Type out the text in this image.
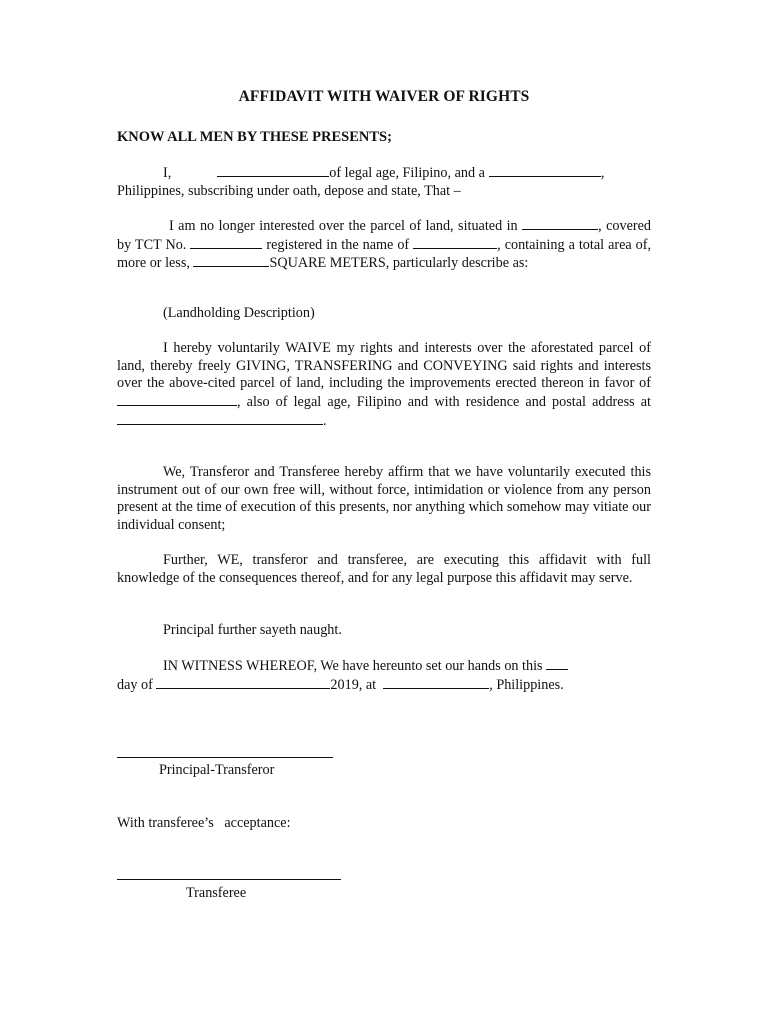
AFFIDAVIT WITH WAIVER OF RIGHTS
KNOW ALL MEN BY THESE PRESENTS;
I,	of legal age, Filipino, and a	,
Philippines, subscribing under oath, depose and state, That –
I am no longer interested over the parcel of land, situated in	, covered by TCT No.	registered in the name of	, containing a total area of, more or less,	SQUARE METERS, particularly describe as:
(Landholding Description)
I hereby voluntarily WAIVE my rights and interests over the aforestated parcel of land, thereby freely GIVING, TRANSFERING and CONVEYING said rights and interests over the above-cited parcel of land, including the improvements erected thereon in favor of, also of legal age, Filipino and with residence and postal address at .
We, Transferor and Transferee hereby affirm that we have voluntarily executed this instrument out of our own free will, without force, intimidation or violence from any person present at the time of execution of this presents, nor anything which somehow may vitiate our individual consent;
Further, WE, transferor and transferee, are executing this affidavit with full knowledge of the consequences thereof, and for any legal purpose this affidavit may serve.
Principal further sayeth naught.
IN WITNESS WHEREOF, We have hereunto set our hands on this
day of	2019, at	, Philippines.
Principal-Transferor
With transferee’s   acceptance:
Transferee
